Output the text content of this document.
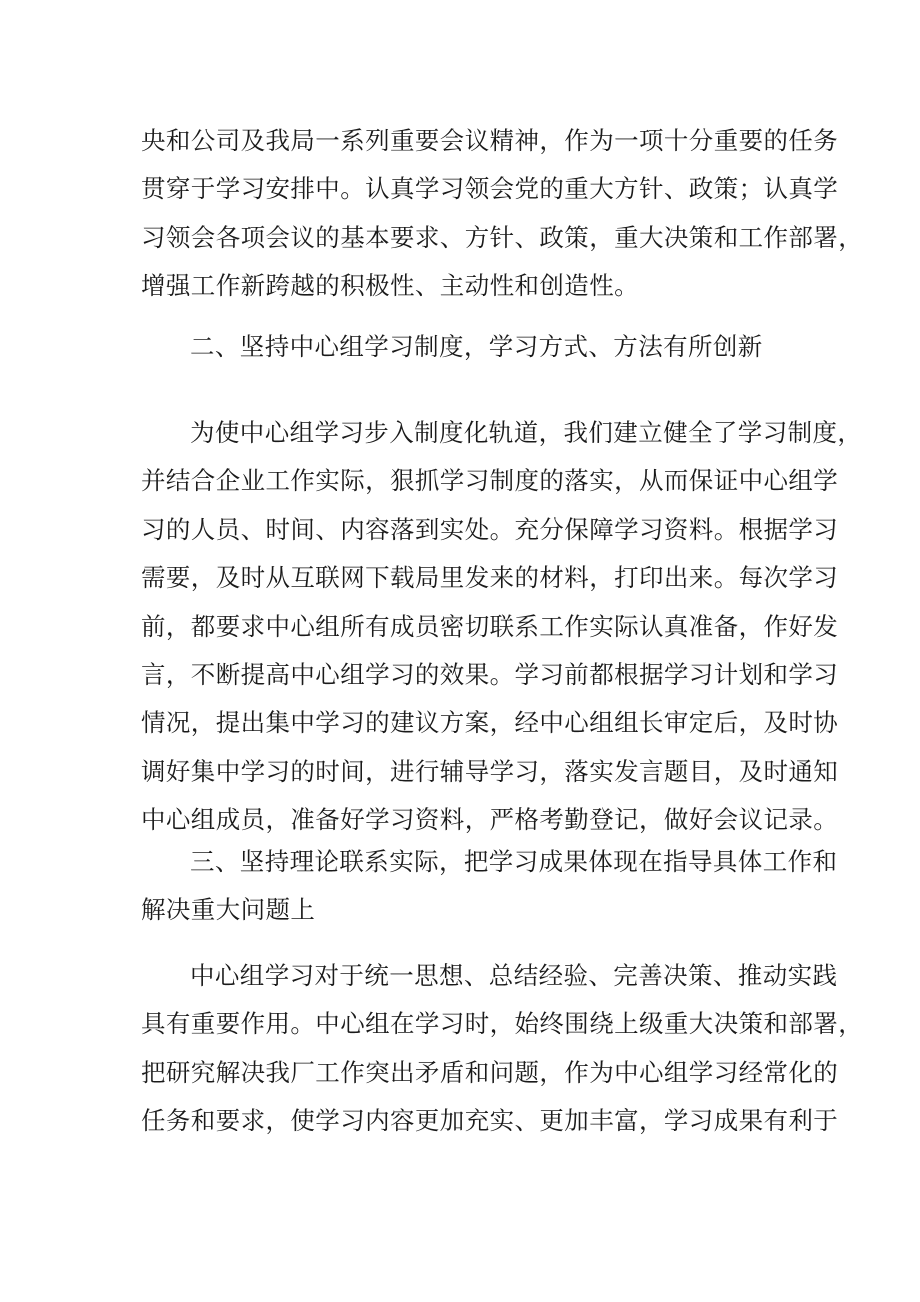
央和公司及我局一系列重要会议精神，作为一项十分重要的任务
贯穿于学习安排中。认真学习领会党的重大方针、政策；认真学
习领会各项会议的基本要求、方针、政策，重大决策和工作部署，
增强工作新跨越的积极性、主动性和创造性。
二、坚持中心组学习制度，学习方式、方法有所创新
为使中心组学习步入制度化轨道，我们建立健全了学习制度，
并结合企业工作实际，狠抓学习制度的落实，从而保证中心组学
习的人员、时间、内容落到实处。充分保障学习资料。根据学习
需要，及时从互联网下载局里发来的材料，打印出来。每次学习
前，都要求中心组所有成员密切联系工作实际认真准备，作好发
言，不断提高中心组学习的效果。学习前都根据学习计划和学习
情况，提出集中学习的建议方案，经中心组组长审定后，及时协
调好集中学习的时间，进行辅导学习，落实发言题目，及时通知
中心组成员，准备好学习资料，严格考勤登记，做好会议记录。
三、坚持理论联系实际，把学习成果体现在指导具体工作和
解决重大问题上
中心组学习对于统一思想、总结经验、完善决策、推动实践
具有重要作用。中心组在学习时，始终围绕上级重大决策和部署，
把研究解决我厂工作突出矛盾和问题，作为中心组学习经常化的
任务和要求，使学习内容更加充实、更加丰富，学习成果有利于
